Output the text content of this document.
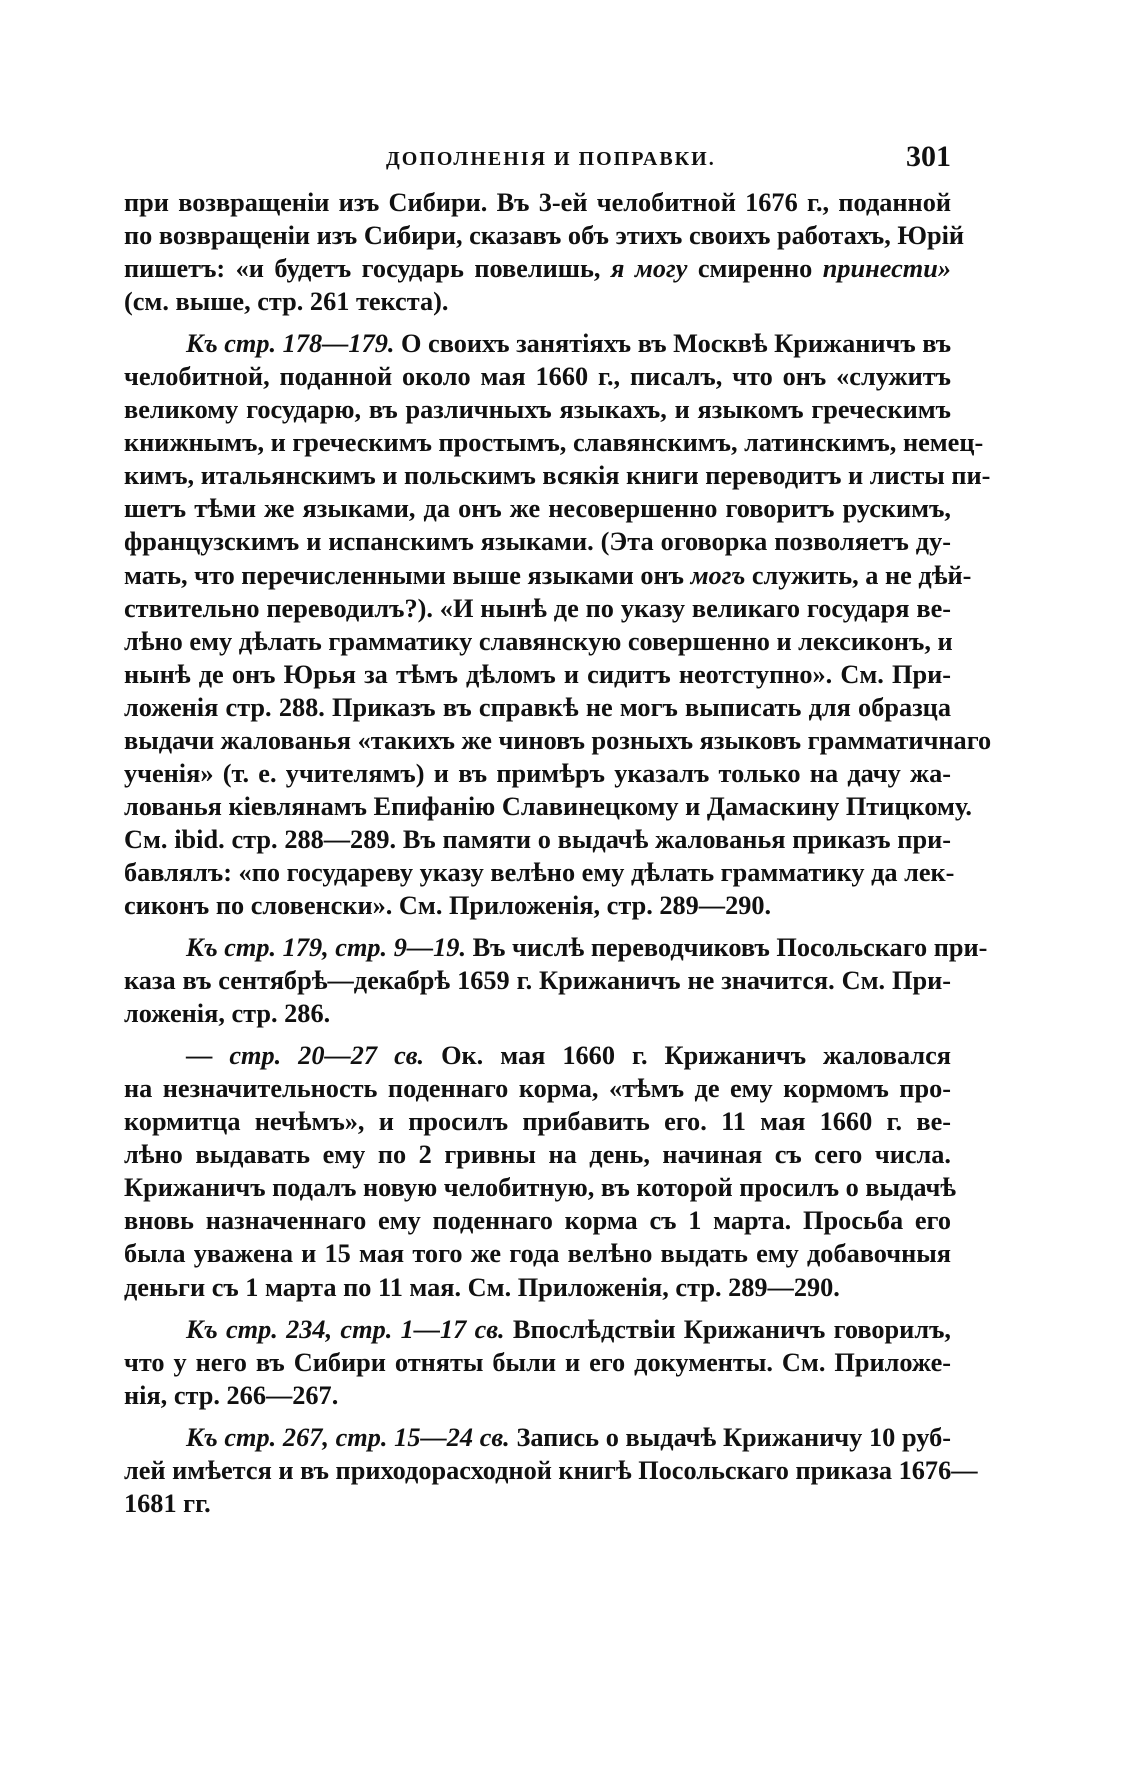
ДОПОЛНЕНІЯ И ПОПРАВКИ.	301
при возвращеніи изъ Сибири. Въ 3-ей челобитной 1676 г., поданной
по возвращеніи изъ Сибири, сказавъ объ этихъ своихъ работахъ, Юрій
пишетъ: «и будетъ государь повелишь, я могу смиренно принести»
(см. выше, стр. 261 текста).
Къ стр. 178—179. О своихъ занятіяхъ въ Москвѣ Крижаничъ въ
челобитной, поданной около мая 1660 г., писалъ, что онъ «служитъ
великому государю, въ различныхъ языкахъ, и языкомъ греческимъ
книжнымъ, и греческимъ простымъ, славянскимъ, латинскимъ, немец-
кимъ, итальянскимъ и польскимъ всякія книги переводитъ и листы пи-
шетъ тѣми же языками, да онъ же несовершенно говоритъ рускимъ,
французскимъ и испанскимъ языками. (Эта оговорка позволяетъ ду-
мать, что перечисленными выше языками онъ могъ служить, а не дѣй-
ствительно переводилъ?). «И нынѣ де по указу великаго государя ве-
лѣно ему дѣлать грамматику славянскую совершенно и лексиконъ, и
нынѣ де онъ Юрья за тѣмъ дѣломъ и сидитъ неотступно». См. При-
ложенія стр. 288. Приказъ въ справкѣ не могъ выписать для образца
выдачи жалованья «такихъ же чиновъ розныхъ языковъ грамматичнаго
ученія» (т. е. учителямъ) и въ примѣръ указалъ только на дачу жа-
лованья кіевлянамъ Епифанію Славинецкому и Дамаскину Птицкому.
См. ibid. стр. 288—289. Въ памяти о выдачѣ жалованья приказъ при-
бавлялъ: «по государеву указу велѣно ему дѣлать грамматику да лек-
сиконъ по словенски». См. Приложенія, стр. 289—290.
Къ стр. 179, стр. 9—19. Въ числѣ переводчиковъ Посольскаго при-
каза въ сентябрѣ—декабрѣ 1659 г. Крижаничъ не значится. См. При-
ложенія, стр. 286.
— стр. 20—27 св. Ок. мая 1660 г. Крижаничъ жаловался
на незначительность поденнаго корма, «тѣмъ де ему кормомъ про-
кормитца нечѣмъ», и просилъ прибавить его. 11 мая 1660 г. ве-
лѣно выдавать ему по 2 гривны на день, начиная съ сего числа.
Крижаничъ подалъ новую челобитную, въ которой просилъ о выдачѣ
вновь назначеннаго ему поденнаго корма съ 1 марта. Просьба его
была уважена и 15 мая того же года велѣно выдать ему добавочныя
деньги съ 1 марта по 11 мая. См. Приложенія, стр. 289—290.
Къ стр. 234, стр. 1—17 св. Впослѣдствіи Крижаничъ говорилъ,
что у него въ Сибири отняты были и его документы. См. Приложе-
нія, стр. 266—267.
Къ стр. 267, стр. 15—24 св. Запись о выдачѣ Крижаничу 10 руб-
лей имѣется и въ приходорасходной книгѣ Посольскаго приказа 1676—
1681 гг.
